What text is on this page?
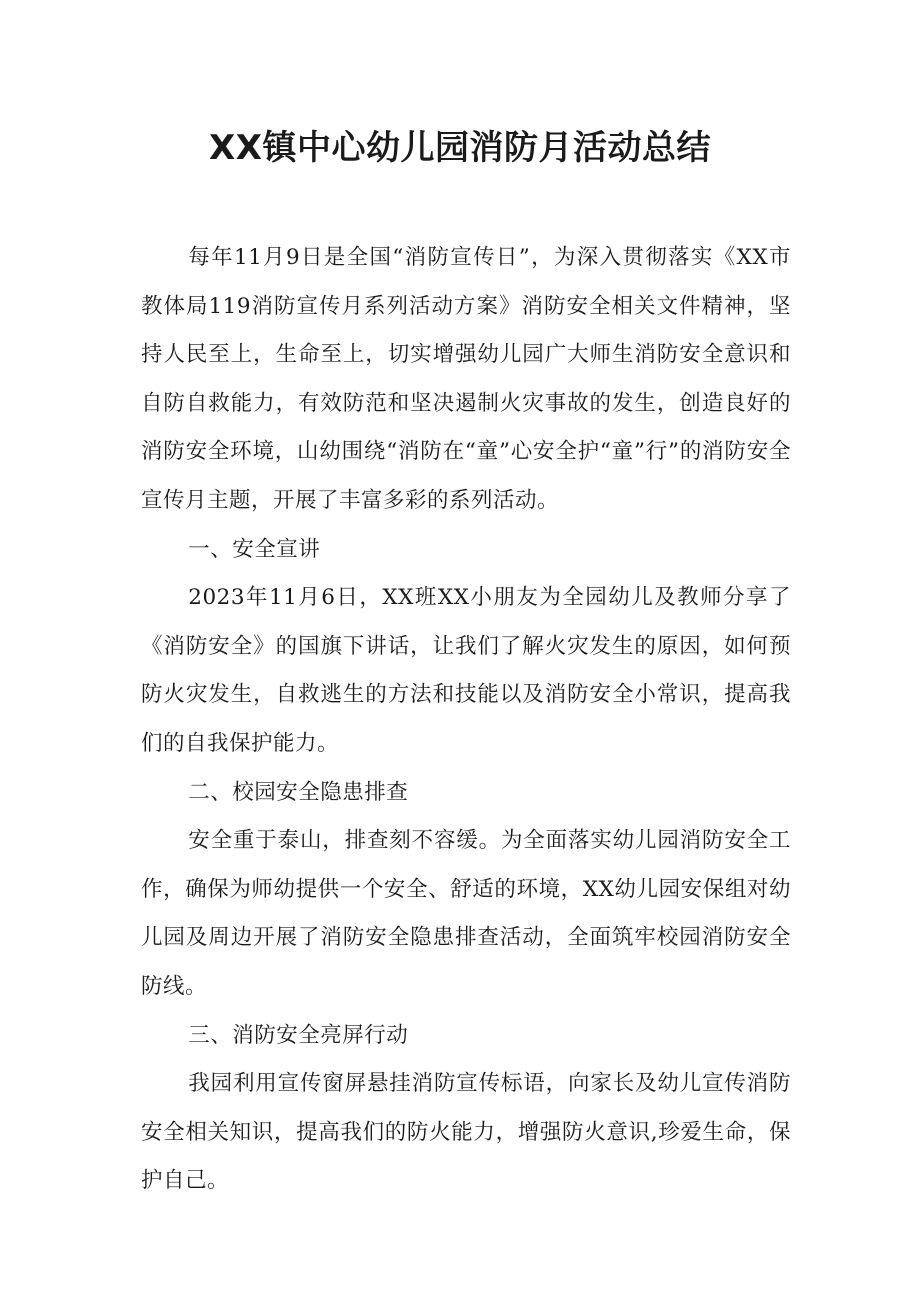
XX镇中心幼儿园消防月活动总结

每年11月9日是全国“消防宣传日”，为深入贯彻落实《XX市教体局119消防宣传月系列活动方案》消防安全相关文件精神，坚持人民至上，生命至上，切实增强幼儿园广大师生消防安全意识和自防自救能力，有效防范和坚决遏制火灾事故的发生，创造良好的消防安全环境，山幼围绕“消防在“童”心安全护“童”行”的消防安全宣传月主题，开展了丰富多彩的系列活动。

一、安全宣讲

2023年11月6日，XX班XX小朋友为全园幼儿及教师分享了《消防安全》的国旗下讲话，让我们了解火灾发生的原因，如何预防火灾发生，自救逃生的方法和技能以及消防安全小常识，提高我们的自我保护能力。

二、校园安全隐患排查

安全重于泰山，排查刻不容缓。为全面落实幼儿园消防安全工作，确保为师幼提供一个安全、舒适的环境，XX幼儿园安保组对幼儿园及周边开展了消防安全隐患排查活动，全面筑牢校园消防安全防线。

三、消防安全亮屏行动

我园利用宣传窗屏悬挂消防宣传标语，向家长及幼儿宣传消防安全相关知识，提高我们的防火能力，增强防火意识,珍爱生命，保护自己。
